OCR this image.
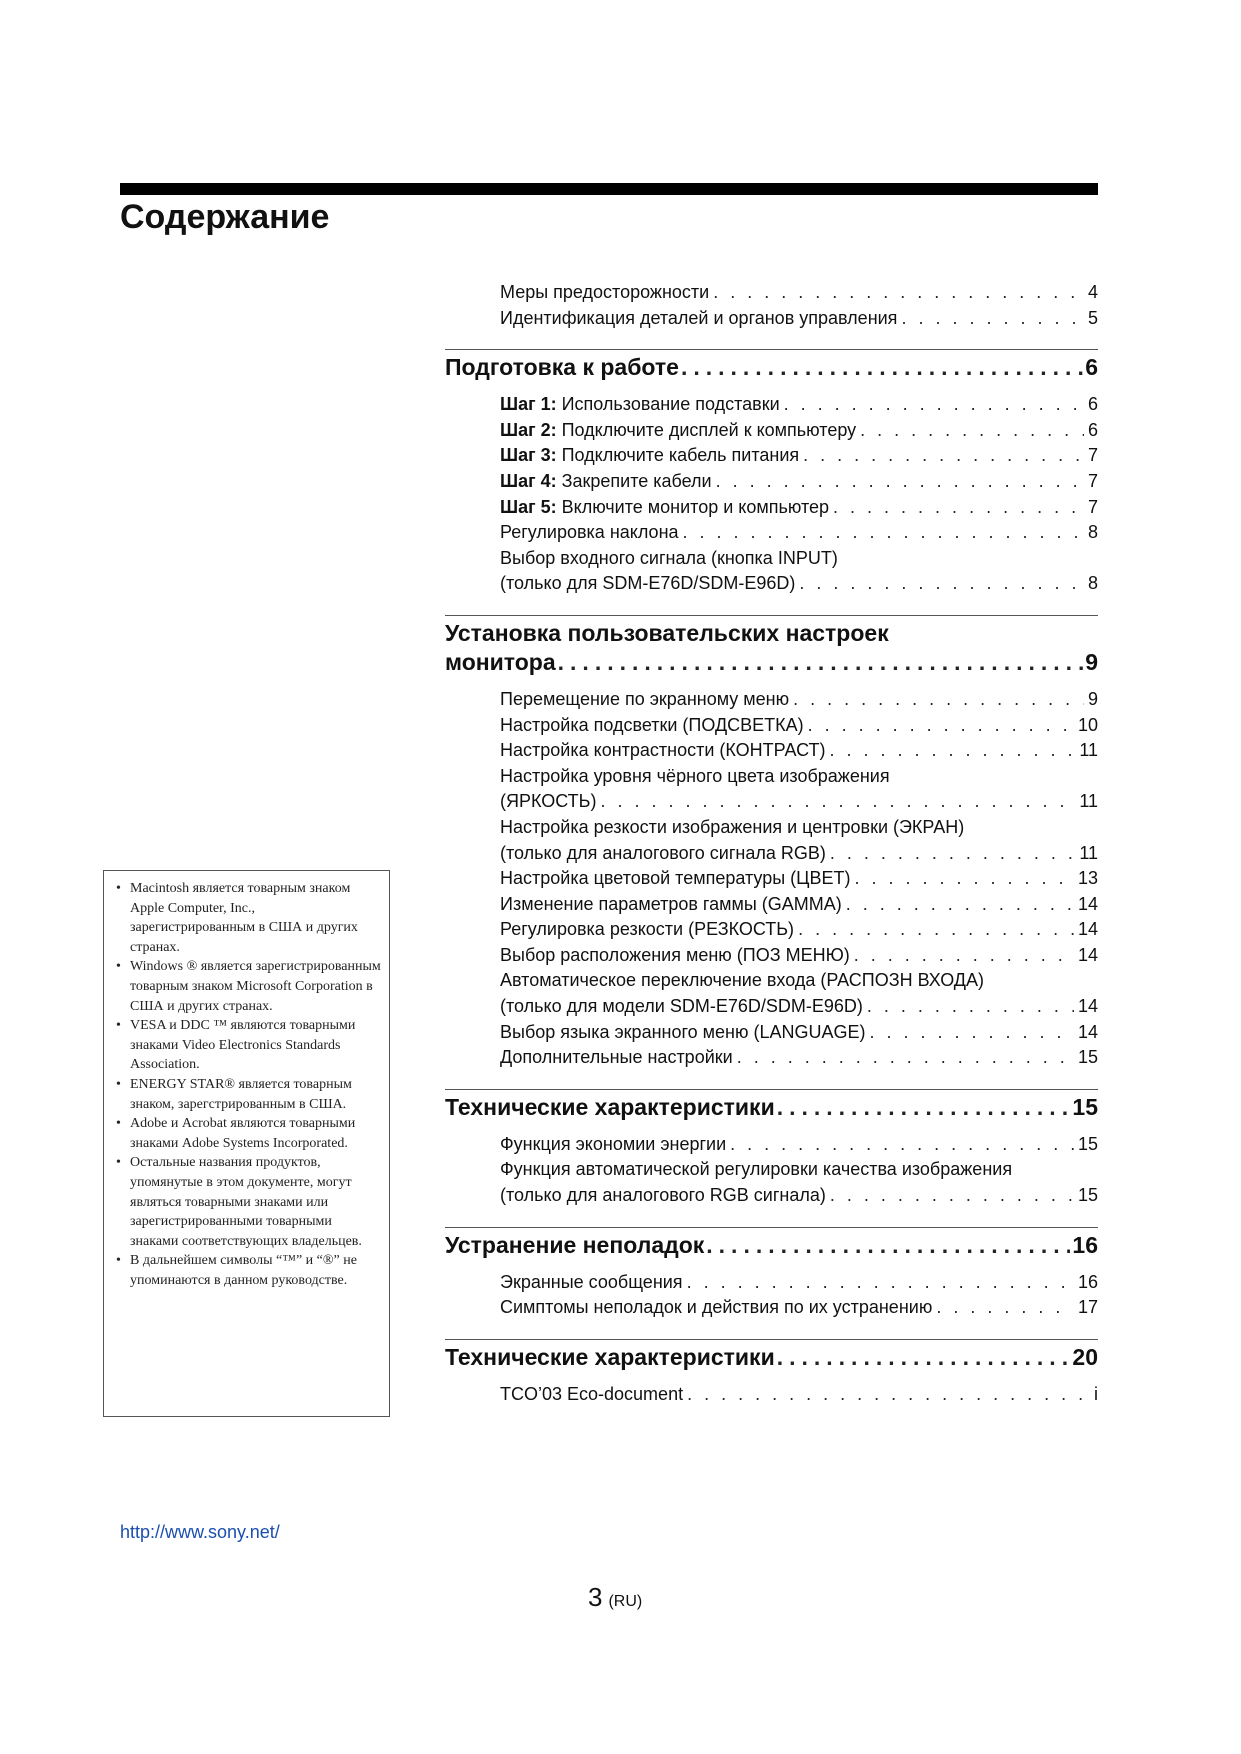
Содержание
Меры предосторожности . . .	4
Идентификация деталей и органов управления . . .	5
Подготовка к работе .....	6
Шаг 1: Использование подставки . . .	6
Шаг 2: Подключите дисплей к компьютеру . . .	6
Шаг 3: Подключите кабель питания . . .	7
Шаг 4: Закрепите кабели . . .	7
Шаг 5: Включите монитор и компьютер . . .	7
Регулировка наклона . . .	8
Выбор входного сигнала (кнопка INPUT)
(только для SDM-E76D/SDM-E96D) . . .	8
Установка пользовательских настроек
монитора .....	9
Перемещение по экранному меню . . .	9
Настройка подсветки (ПОДСВЕТКА) . . .	10
Настройка контрастности (КОНТРАСТ) . . .	11
Настройка уровня чёрного цвета изображения
(ЯРКОСТЬ) . . .	11
Настройка резкости изображения и центровки (ЭКРАН)
(только для аналогового сигнала RGB) . . .	11
Настройка цветовой температуры (ЦВЕТ) . . .	13
Изменение параметров гаммы (GAMMA) . . .	14
Регулировка резкости (РЕЗКОСТЬ) . . .	14
Выбор расположения меню (ПОЗ МЕНЮ) . . .	14
Автоматическое переключение входа (РАСПОЗН ВХОДА)
(только для модели SDM-E76D/SDM-E96D) . . .	14
Выбор языка экранного меню (LANGUAGE) . . .	14
Дополнительные настройки . . .	15
Технические характеристики .....	15
Функция экономии энергии . . .	15
Функция автоматической регулировки качества изображения
(только для аналогового RGB сигнала) . . .	15
Устранение неполадок .....	16
Экранные сообщения . . .	16
Симптомы неполадок и действия по их устранению . . .	17
Технические характеристики .....	20
TCO’03 Eco-document . . .	i
• Macintosh является товарным знаком Apple Computer, Inc., зарегистрированным в США и других странах.
• Windows ® является зарегистрированным товарным знаком Microsoft Corporation в США и других странах.
• VESA и DDC ™ являются товарными знаками Video Electronics Standards Association.
• ENERGY STAR® является товарным знаком, зарегстрированным в США.
• Adobe и Acrobat являются товарными знаками Adobe Systems Incorporated.
• Остальные названия продуктов, упомянутые в этом документе, могут являться товарными знаками или зарегистрированными товарными знаками соответствующих владельцев.
• В дальнейшем символы “™” и “®” не упоминаются в данном руководстве.
http://www.sony.net/
3 (RU)
